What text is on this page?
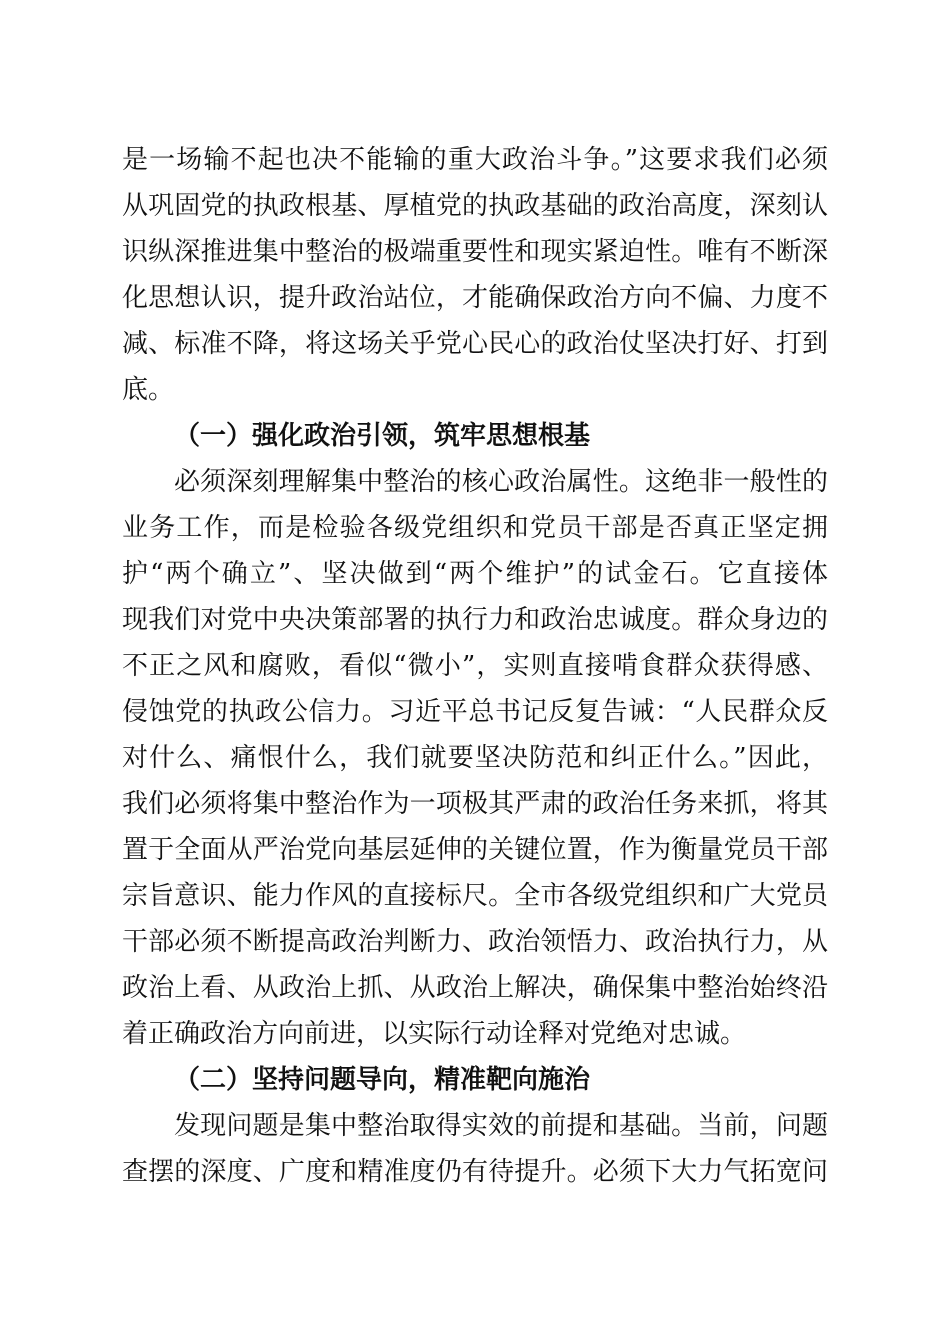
是一场输不起也决不能输的重大政治斗争。”这要求我们必须
从巩固党的执政根基、厚植党的执政基础的政治高度，深刻认
识纵深推进集中整治的极端重要性和现实紧迫性。唯有不断深
化思想认识，提升政治站位，才能确保政治方向不偏、力度不
减、标准不降，将这场关乎党心民心的政治仗坚决打好、打到
底。
（一）强化政治引领，筑牢思想根基
必须深刻理解集中整治的核心政治属性。这绝非一般性的
业务工作，而是检验各级党组织和党员干部是否真正坚定拥
护“两个确立”、坚决做到“两个维护”的试金石。它直接体
现我们对党中央决策部署的执行力和政治忠诚度。群众身边的
不正之风和腐败，看似“微小”，实则直接啃食群众获得感、
侵蚀党的执政公信力。习近平总书记反复告诫：“人民群众反
对什么、痛恨什么，我们就要坚决防范和纠正什么。”因此，
我们必须将集中整治作为一项极其严肃的政治任务来抓，将其
置于全面从严治党向基层延伸的关键位置，作为衡量党员干部
宗旨意识、能力作风的直接标尺。全市各级党组织和广大党员
干部必须不断提高政治判断力、政治领悟力、政治执行力，从
政治上看、从政治上抓、从政治上解决，确保集中整治始终沿
着正确政治方向前进，以实际行动诠释对党绝对忠诚。
（二）坚持问题导向，精准靶向施治
发现问题是集中整治取得实效的前提和基础。当前，问题
查摆的深度、广度和精准度仍有待提升。必须下大力气拓宽问
